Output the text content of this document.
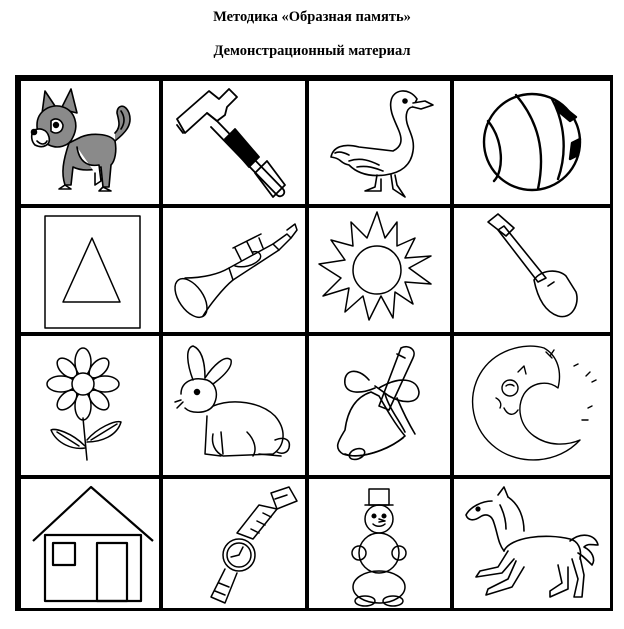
Методика «Образная память»
Демонстрационный материал
